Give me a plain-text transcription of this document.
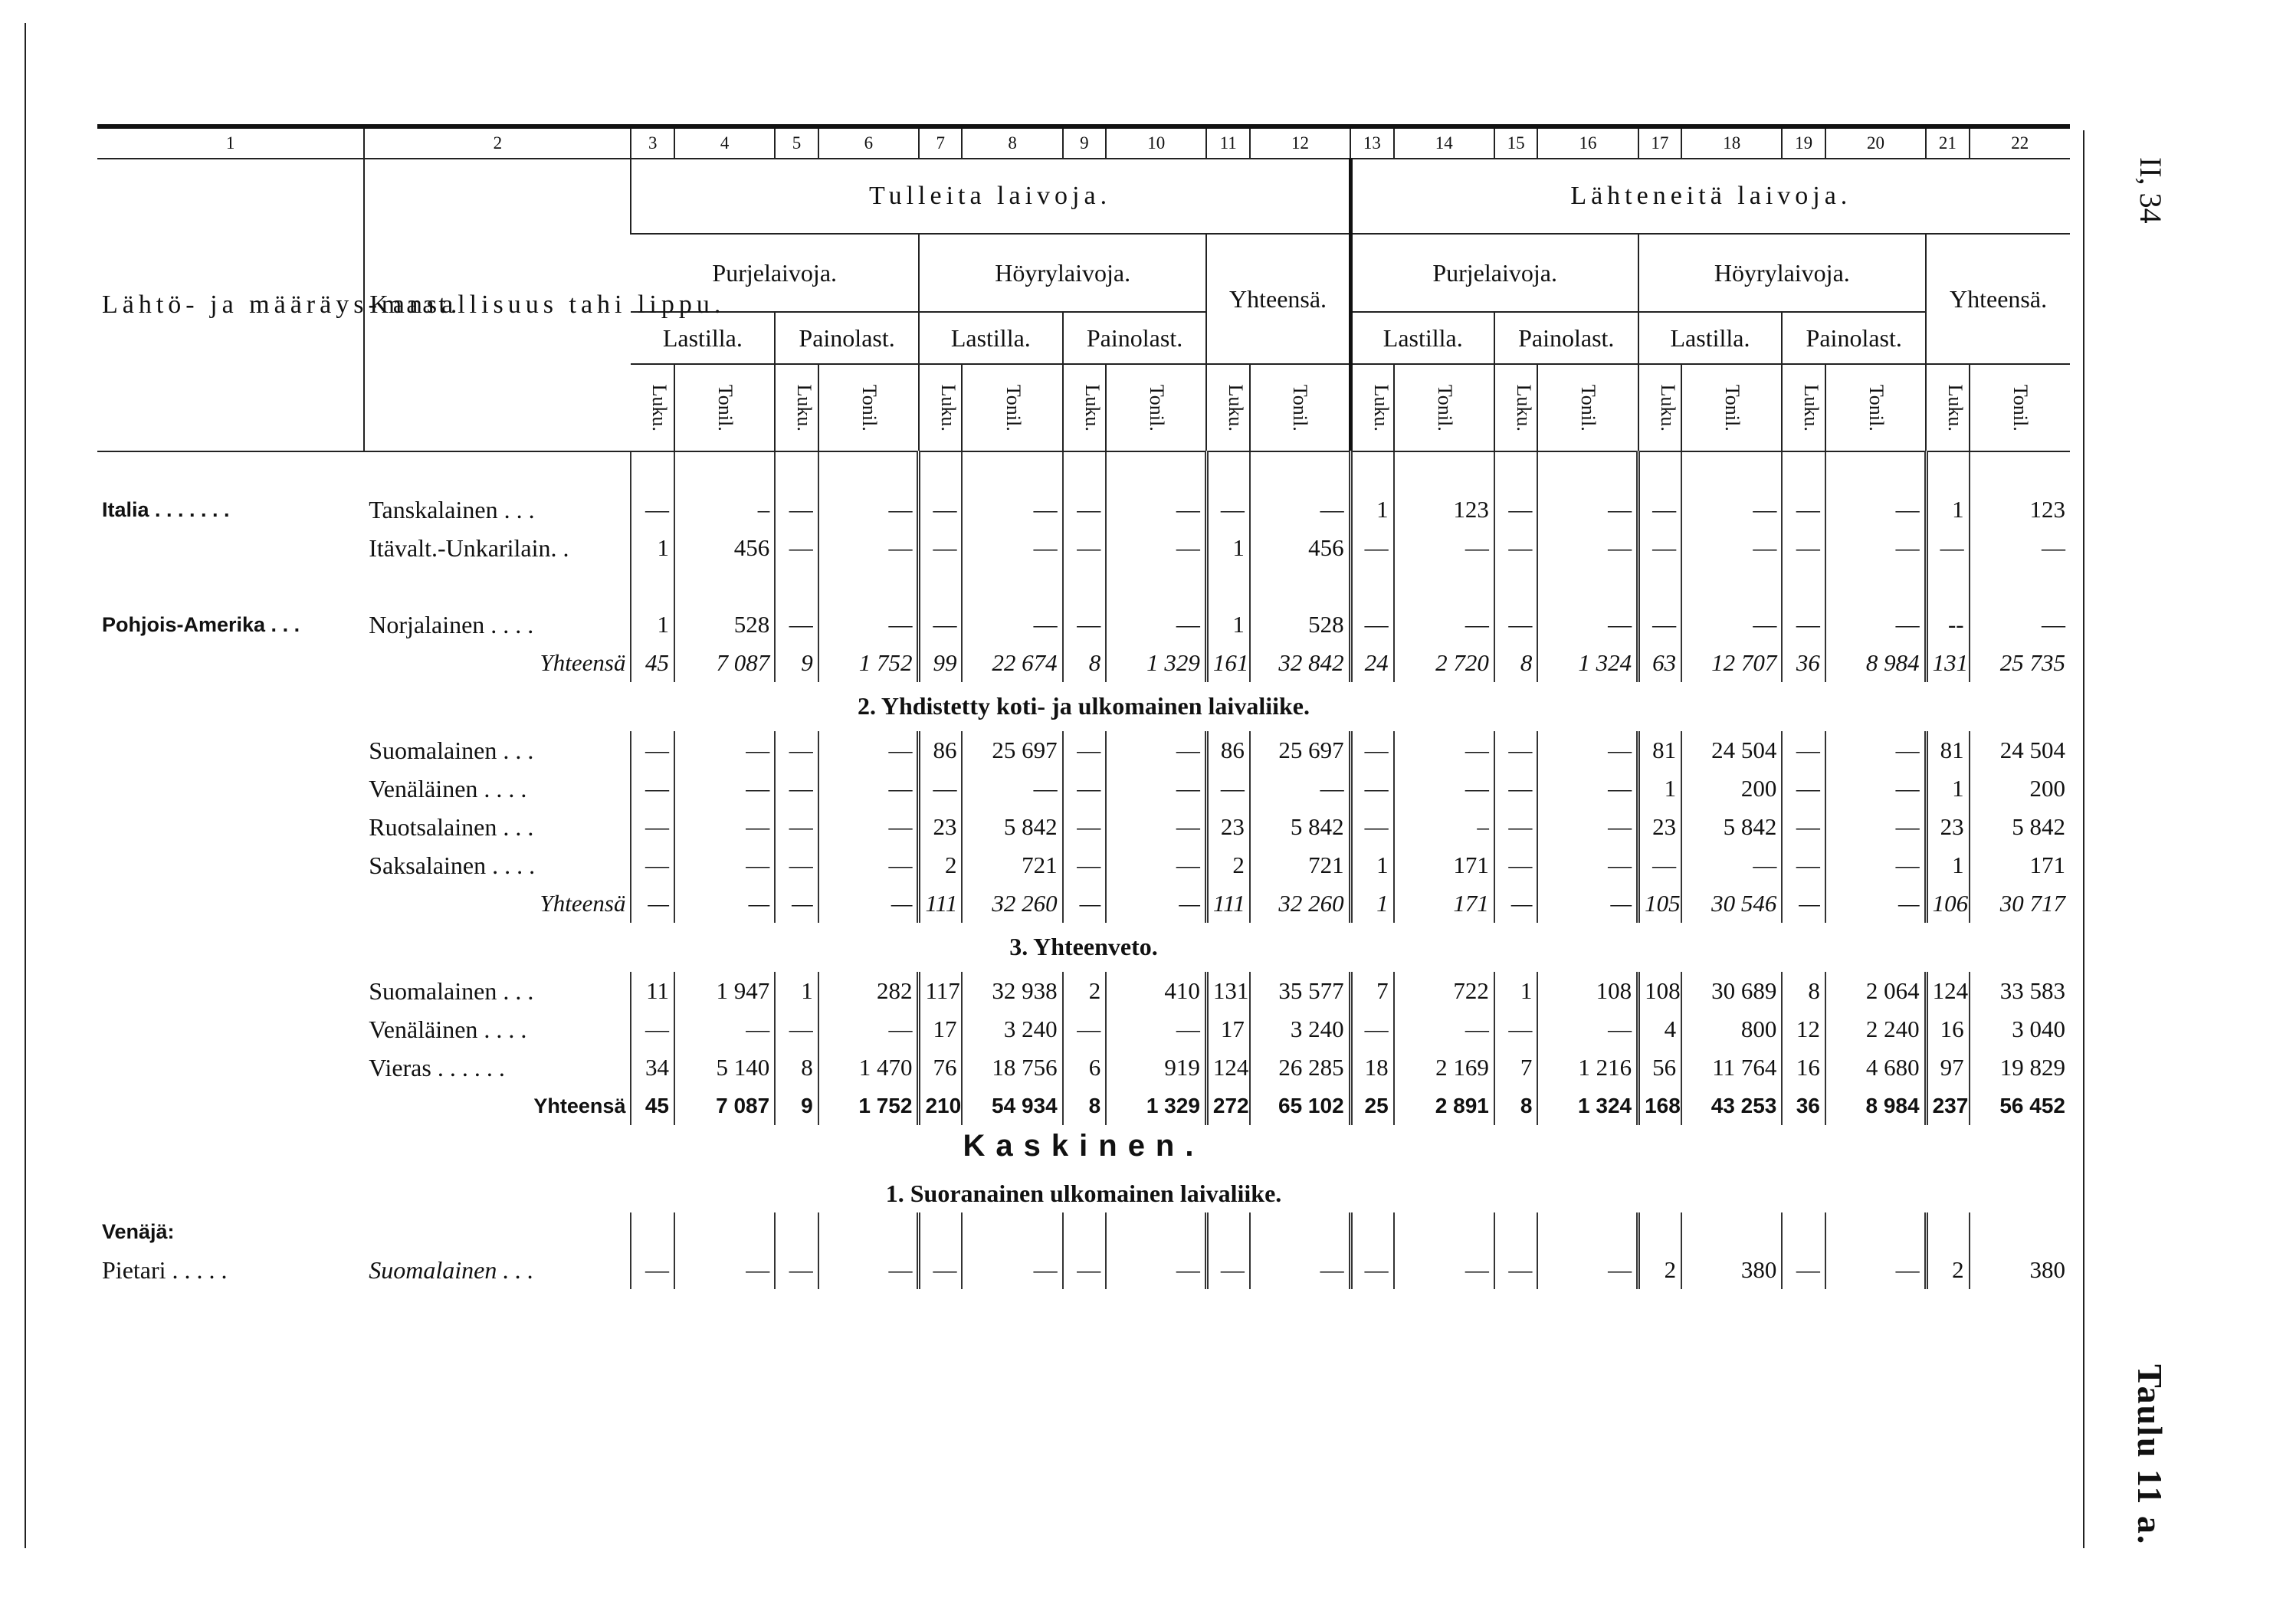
II, 34
Taulu 11 a.
1	2	3	4	5	6	7	8	9	10	11	12	13	14	15	16	17	18	19	20	21	22
Lähtö- ja määräys-maat.	Kansallisuus tahi lippu.	Tulleita laivoja.										Lähteneitä laivoja.									
		Purjelaivoja.				Höyrylaivoja.				Yhteensä.		Purjelaivoja.				Höyrylaivoja.				Yhteensä.	
		Lastilla.		Painolast.		Lastilla.		Painolast.				Lastilla.		Painolast.		Lastilla.		Painolast.			
		Luku.	Tonil.	Luku.	Tonil.	Luku.	Tonil.	Luku.	Tonil.	Luku.	Tonil.	Luku.	Tonil.	Luku.	Tonil.	Luku.	Tonil.	Luku.	Tonil.	Luku.	Tonil.

Italia . . . . . . .	Tanskalainen . . .	—	–	—	—	—	—	—	—	—	—	1	123	—	—	—	—	—	—	1	123
	Itävalt.-Unkarilain. .	1	456	—	—	—	—	—	—	1	456	—	—	—	—	—	—	—	—	—	—

Pohjois-Amerika . . .	Norjalainen . . . .	1	528	—	—	—	—	—	—	1	528	—	—	—	—	—	—	—	—	--	—
	Yhteensä	45	7 087	9	1 752	99	22 674	8	1 329	161	32 842	24	2 720	8	1 324	63	12 707	36	8 984	131	25 735
2. Yhdistetty koti- ja ulkomainen laivaliike.																					
	Suomalainen . . .	—	—	—	—	86	25 697	—	—	86	25 697	—	—	—	—	81	24 504	—	—	81	24 504
	Venäläinen . . . .	—	—	—	—	—	—	—	—	—	—	—	—	—	—	1	200	—	—	1	200
	Ruotsalainen . . .	—	—	—	—	23	5 842	—	—	23	5 842	—	–	—	—	23	5 842	—	—	23	5 842
	Saksalainen . . . .	—	—	—	—	2	721	—	—	2	721	1	171	—	—	—	—	—	—	1	171
	Yhteensä	—	—	—	—	111	32 260	—	—	111	32 260	1	171	—	—	105	30 546	—	—	106	30 717
3. Yhteenveto.																					
	Suomalainen . . .	11	1 947	1	282	117	32 938	2	410	131	35 577	7	722	1	108	108	30 689	8	2 064	124	33 583
	Venäläinen . . . .	—	—	—	—	17	3 240	—	—	17	3 240	—	—	—	—	4	800	12	2 240	16	3 040
	Vieras . . . . . .	34	5 140	8	1 470	76	18 756	6	919	124	26 285	18	2 169	7	1 216	56	11 764	16	4 680	97	19 829
	Yhteensä	45	7 087	9	1 752	210	54 934	8	1 329	272	65 102	25	2 891	8	1 324	168	43 253	36	8 984	237	56 452
Kaskinen.																					
1. Suoranainen ulkomainen laivaliike.																					
Venäjä:																					
Pietari . . . . .	Suomalainen . . .	—	—	—	—	—	—	—	—	—	—	—	—	—	—	2	380	—	—	2	380
